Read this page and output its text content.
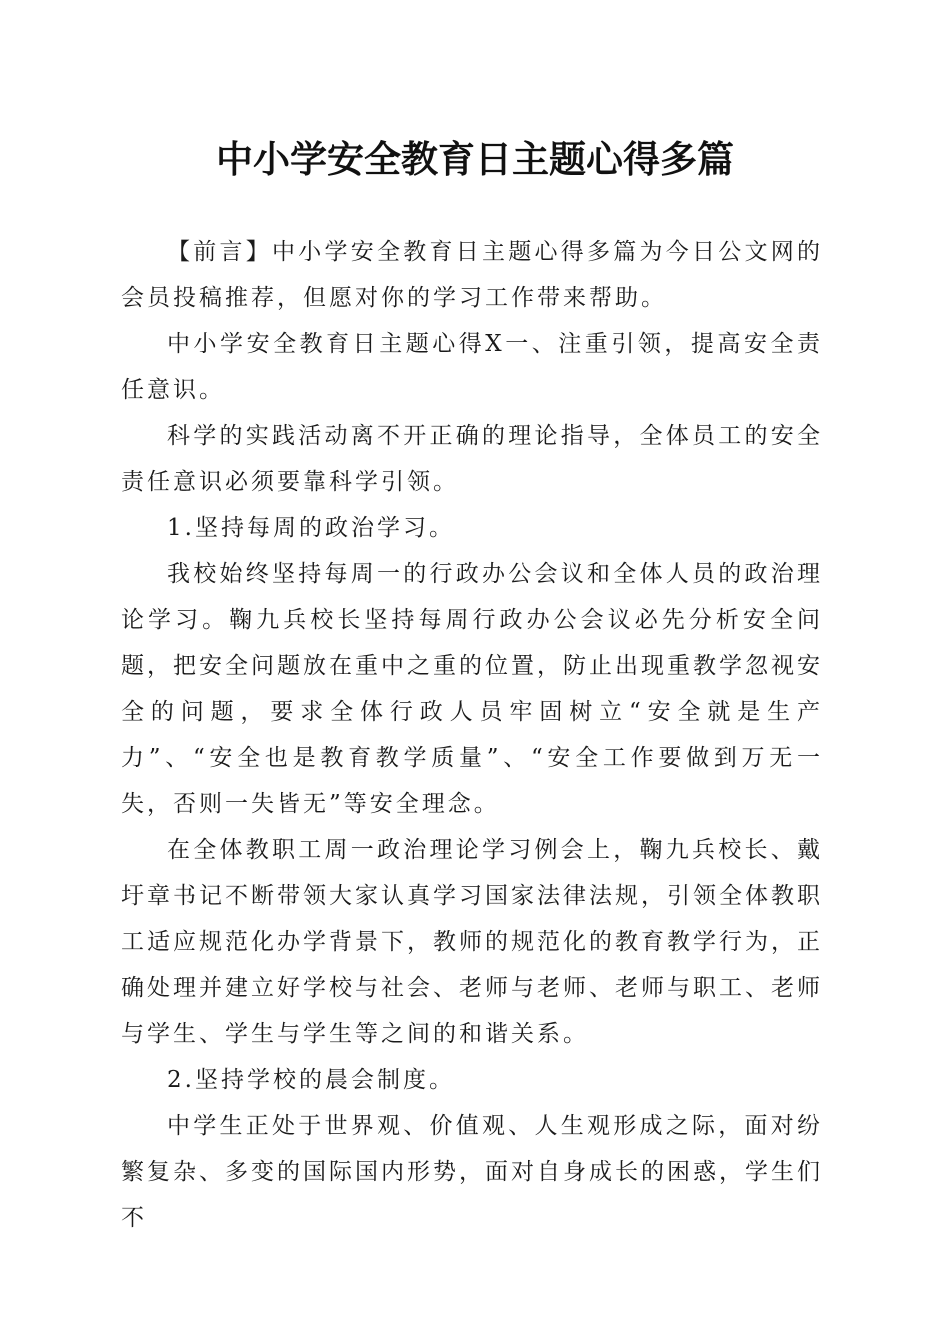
中小学安全教育日主题心得多篇

【前言】中小学安全教育日主题心得多篇为今日公文网的会员投稿推荐，但愿对你的学习工作带来帮助。

中小学安全教育日主题心得X一、注重引领，提高安全责任意识。

科学的实践活动离不开正确的理论指导，全体员工的安全责任意识必须要靠科学引领。

1.坚持每周的政治学习。

我校始终坚持每周一的行政办公会议和全体人员的政治理论学习。鞠九兵校长坚持每周行政办公会议必先分析安全问题，把安全问题放在重中之重的位置，防止出现重教学忽视安全的问题，要求全体行政人员牢固树立“安全就是生产力”、“安全也是教育教学质量”、“安全工作要做到万无一失，否则一失皆无”等安全理念。

在全体教职工周一政治理论学习例会上，鞠九兵校长、戴圩章书记不断带领大家认真学习国家法律法规，引领全体教职工适应规范化办学背景下，教师的规范化的教育教学行为，正确处理并建立好学校与社会、老师与老师、老师与职工、老师与学生、学生与学生等之间的和谐关系。

2.坚持学校的晨会制度。

中学生正处于世界观、价值观、人生观形成之际，面对纷繁复杂、多变的国际国内形势，面对自身成长的困惑，学生们不
